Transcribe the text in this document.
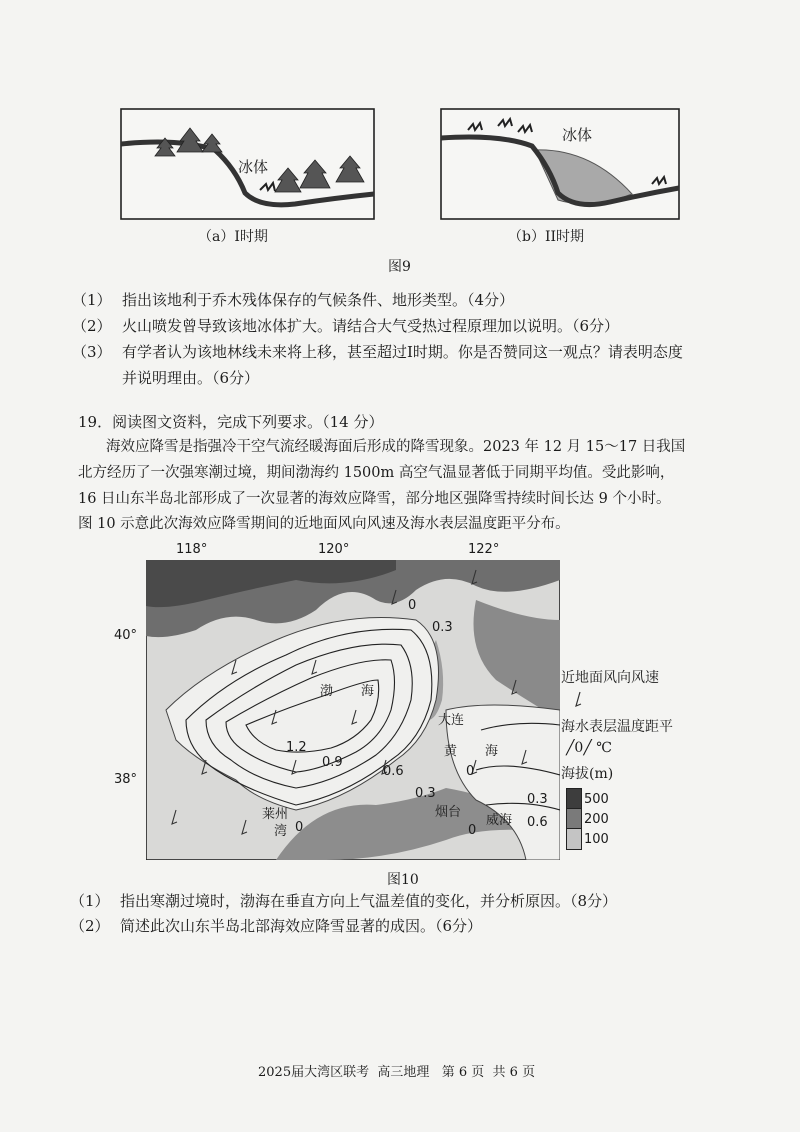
冰体
（a）I时期
冰体
（b）II时期
图9
（1） 指出该地利于乔木残体保存的气候条件、地形类型。（4分）
（2） 火山喷发曾导致该地冰体扩大。请结合大气受热过程原理加以说明。（6分）
（3） 有学者认为该地林线未来将上移，甚至超过I时期。你是否赞同这一观点？请表明态度
并说明理由。（6分）
19．阅读图文资料，完成下列要求。（14 分）
海效应降雪是指强冷干空气流经暖海面后形成的降雪现象。2023 年 12 月 15～17 日我国
北方经历了一次强寒潮过境，期间渤海约 1500m 高空气温显著低于同期平均值。受此影响，
16 日山东半岛北部形成了一次显著的海效应降雪，部分地区强降雪持续时间长达 9 个小时。
图 10 示意此次海效应降雪期间的近地面风向风速及海水表层温度距平分布。
118°	120°	122°
40°
38°
渤 海
黄 海
莱州
湾
大连
烟台
威海
0
0.3
1.2
0.9
0.6
0.3
0
0
0.3
0.6
0
近地面风向风速
海水表层温度距平
╱0╱ ℃
海拔(m)
500
200
100
图10
（1） 指出寒潮过境时，渤海在垂直方向上气温差值的变化，并分析原因。（8分）
（2） 简述此次山东半岛北部海效应降雪显著的成因。（6分）
2025届大湾区联考  高三地理   第 6 页  共 6 页
